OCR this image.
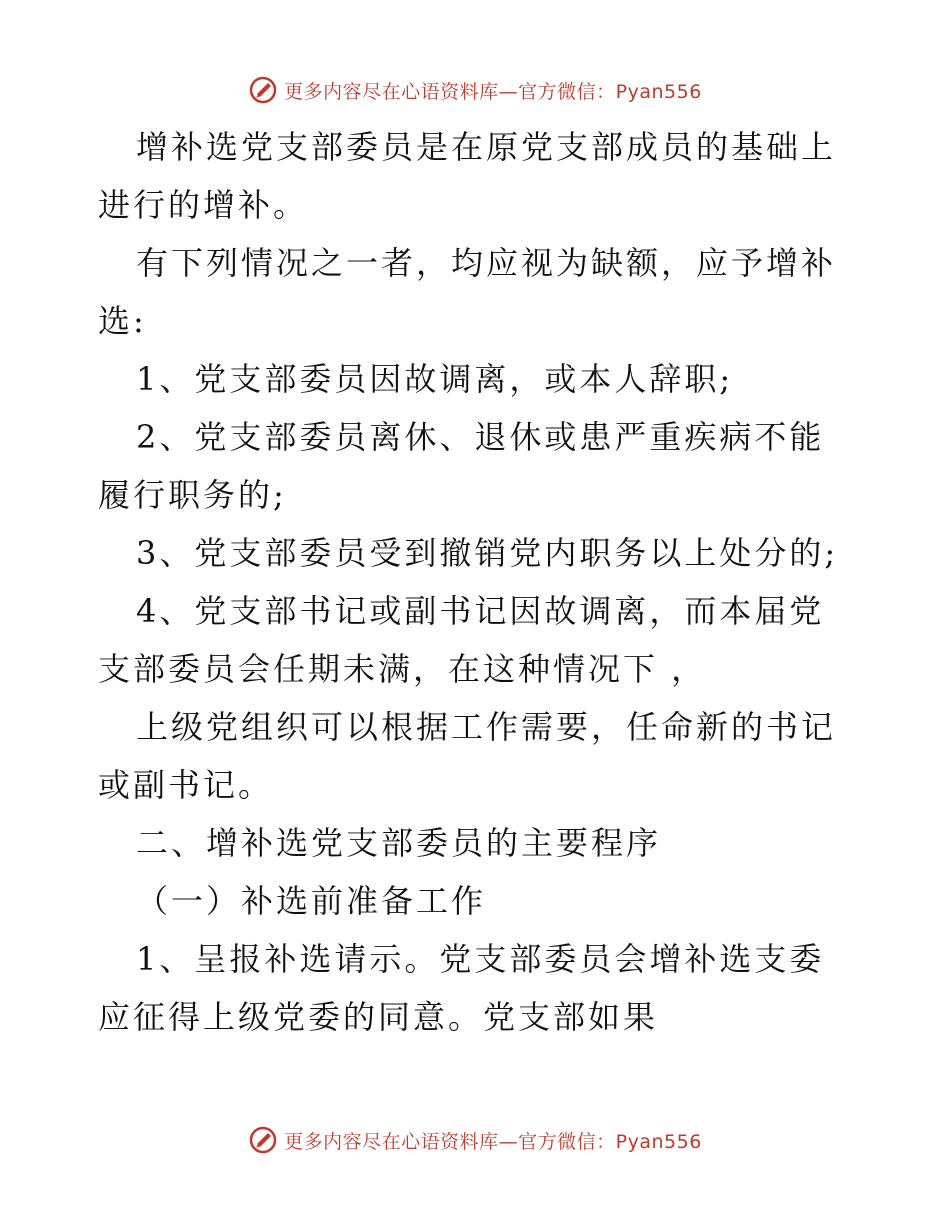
更多内容尽在心语资料库—官方微信：Pyan556

增补选党支部委员是在原党支部成员的基础上进行的增补。

有下列情况之一者，均应视为缺额，应予增补选:

1、党支部委员因故调离，或本人辞职;

2、党支部委员离休、退休或患严重疾病不能履行职务的;

3、党支部委员受到撤销党内职务以上处分的;

4、党支部书记或副书记因故调离，而本届党支部委员会任期未满，在这种情况下 ，

上级党组织可以根据工作需要，任命新的书记或副书记。

二、增补选党支部委员的主要程序

（一）补选前准备工作

1、呈报补选请示。党支部委员会增补选支委应征得上级党委的同意。党支部如果

更多内容尽在心语资料库—官方微信：Pyan556
